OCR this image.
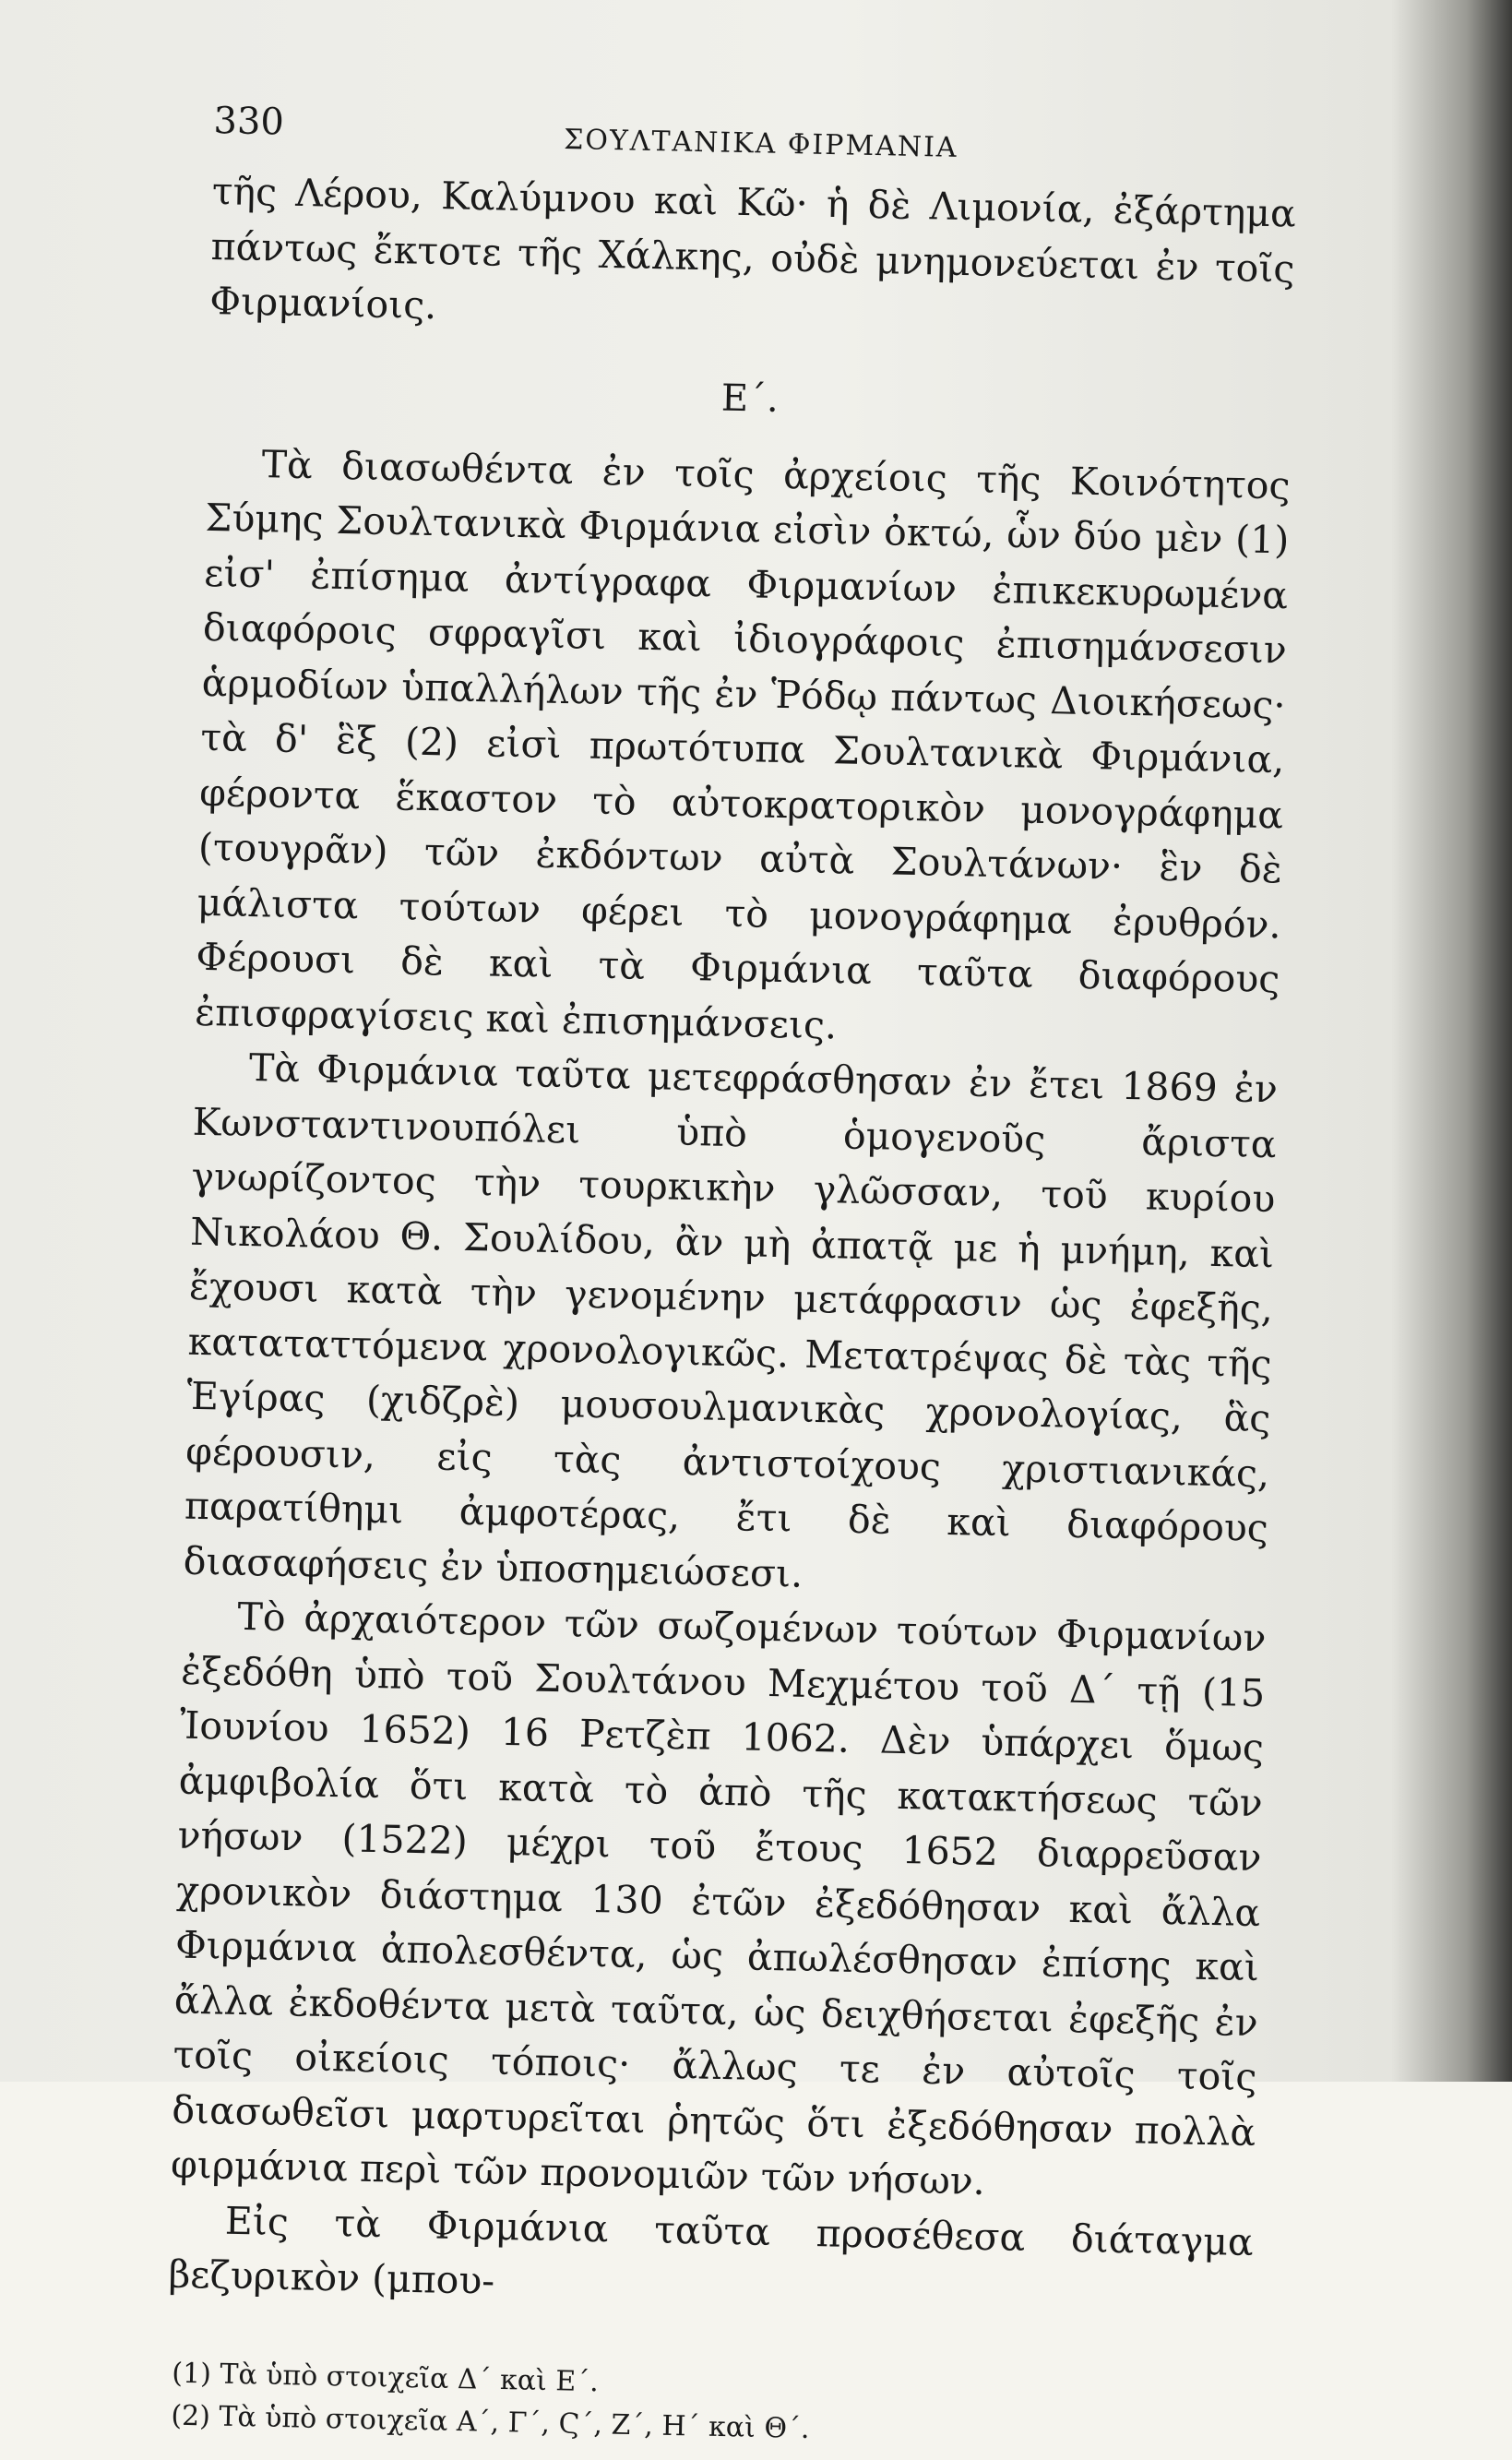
330
ΣΟΥΛΤΑΝΙΚΑ ΦΙΡΜΑΝΙΑ

τῆς Λέρου, Καλύμνου καὶ Κῶ· ἡ δὲ Λιμονία, ἐξάρτημα πάντως ἔκτοτε τῆς Χάλκης, οὐδὲ μνημονεύεται ἐν τοῖς Φιρμανίοις.

Ε΄.

Τὰ διασωθέντα ἐν τοῖς ἀρχείοις τῆς Κοινότητος Σύμης Σουλτανικὰ Φιρμάνια εἰσὶν ὀκτώ, ὧν δύο μὲν (1) εἰσ' ἐπίσημα ἀντίγραφα Φιρμανίων ἐπικεκυρωμένα διαφόροις σφραγῖσι καὶ ἰδιογράφοις ἐπισημάνσεσιν ἁρμοδίων ὑπαλλήλων τῆς ἐν Ῥόδῳ πάντως Διοικήσεως· τὰ δ' ἓξ (2) εἰσὶ πρωτότυπα Σουλτανικὰ Φιρμάνια, φέροντα ἕκαστον τὸ αὐτοκρατορικὸν μονογράφημα (τουγρᾶν) τῶν ἐκδόντων αὐτὰ Σουλτάνων· ἓν δὲ μάλιστα τούτων φέρει τὸ μονογράφημα ἐρυθρόν. Φέρουσι δὲ καὶ τὰ Φιρμάνια ταῦτα διαφόρους ἐπισφραγίσεις καὶ ἐπισημάνσεις.

Τὰ Φιρμάνια ταῦτα μετεφράσθησαν ἐν ἔτει 1869 ἐν Κωνσταντινουπόλει ὑπὸ ὁμογενοῦς ἄριστα γνωρίζοντος τὴν τουρκικὴν γλῶσσαν, τοῦ κυρίου Νικολάου Θ. Σουλίδου, ἂν μὴ ἀπατᾷ με ἡ μνήμη, καὶ ἔχουσι κατὰ τὴν γενομένην μετάφρασιν ὡς ἐφεξῆς, καταταττόμενα χρονολογικῶς. Μετατρέψας δὲ τὰς τῆς Ἑγίρας (χιδζρὲ) μουσουλμανικὰς χρονολογίας, ἃς φέρουσιν, εἰς τὰς ἀντιστοίχους χριστιανικάς, παρατίθημι ἀμφοτέρας, ἔτι δὲ καὶ διαφόρους διασαφήσεις ἐν ὑποσημειώσεσι.

Τὸ ἀρχαιότερον τῶν σωζομένων τούτων Φιρμανίων ἐξεδόθη ὑπὸ τοῦ Σουλτάνου Μεχμέτου τοῦ Δ΄ τῇ (15 Ἰουνίου 1652) 16 Ρετζὲπ 1062. Δὲν ὑπάρχει ὅμως ἀμφιβολία ὅτι κατὰ τὸ ἀπὸ τῆς κατακτήσεως τῶν νήσων (1522) μέχρι τοῦ ἔτους 1652 διαρρεῦσαν χρονικὸν διάστημα 130 ἐτῶν ἐξεδόθησαν καὶ ἄλλα Φιρμάνια ἀπολεσθέντα, ὡς ἀπωλέσθησαν ἐπίσης καὶ ἄλλα ἐκδοθέντα μετὰ ταῦτα, ὡς δειχθήσεται ἐφεξῆς ἐν τοῖς οἰκείοις τόποις· ἄλλως τε ἐν αὐτοῖς τοῖς διασωθεῖσι μαρτυρεῖται ῥητῶς ὅτι ἐξεδόθησαν πολλὰ φιρμάνια περὶ τῶν προνομιῶν τῶν νήσων.

Εἰς τὰ Φιρμάνια ταῦτα προσέθεσα διάταγμα βεζυρικὸν (μπου-

(1) Τὰ ὑπὸ στοιχεῖα Δ΄ καὶ Ε΄.

(2) Τὰ ὑπὸ στοιχεῖα Α΄, Γ΄, Ϛ΄, Ζ΄, Η΄ καὶ Θ΄.
